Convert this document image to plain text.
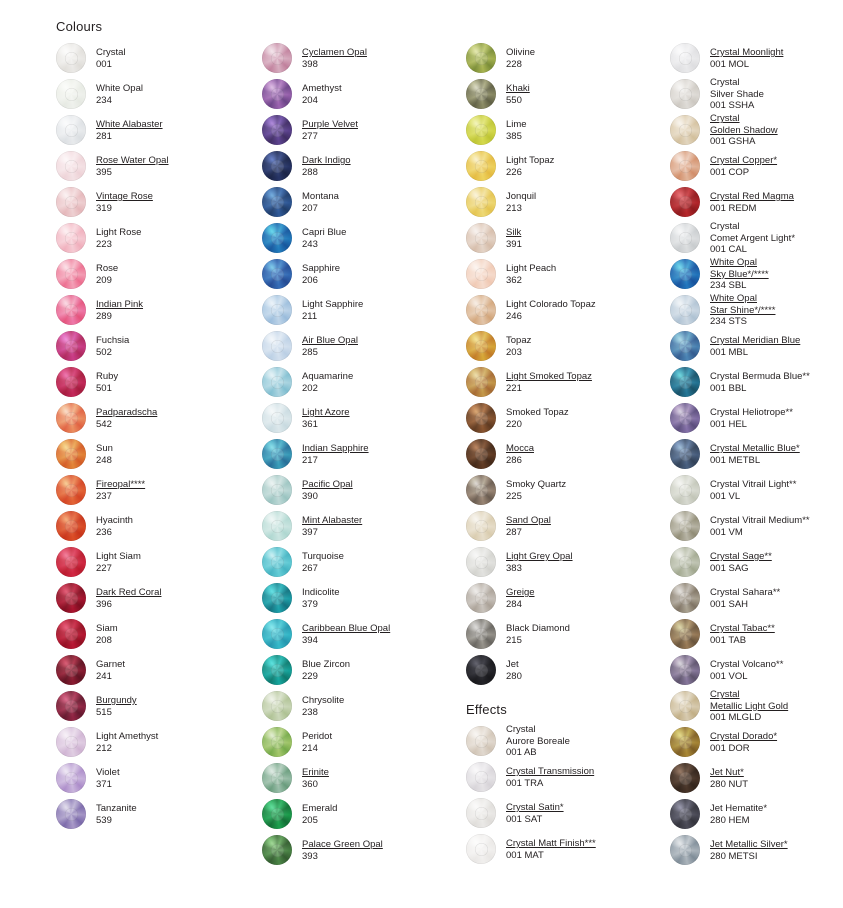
Colours
Effects
Crystal
001
White Opal
234
White Alabaster
281
Rose Water Opal
395
Vintage Rose
319
Light Rose
223
Rose
209
Indian Pink
289
Fuchsia
502
Ruby
501
Padparadscha
542
Sun
248
Fireopal****
237
Hyacinth
236
Light Siam
227
Dark Red Coral
396
Siam
208
Garnet
241
Burgundy
515
Light Amethyst
212
Violet
371
Tanzanite
539
Cyclamen Opal
398
Amethyst
204
Purple Velvet
277
Dark Indigo
288
Montana
207
Capri Blue
243
Sapphire
206
Light Sapphire
211
Air Blue Opal
285
Aquamarine
202
Light Azore
361
Indian Sapphire
217
Pacific Opal
390
Mint Alabaster
397
Turquoise
267
Indicolite
379
Caribbean Blue Opal
394
Blue Zircon
229
Chrysolite
238
Peridot
214
Erinite
360
Emerald
205
Palace Green Opal
393
Olivine
228
Khaki
550
Lime
385
Light Topaz
226
Jonquil
213
Silk
391
Light Peach
362
Light Colorado Topaz
246
Topaz
203
Light Smoked Topaz
221
Smoked Topaz
220
Mocca
286
Smoky Quartz
225
Sand Opal
287
Light Grey Opal
383
Greige
284
Black Diamond
215
Jet
280
Crystal Moonlight
001 MOL
Crystal
Silver Shade
001 SSHA
Crystal
Golden Shadow
001 GSHA
Crystal Copper*
001 COP
Crystal Red Magma
001 REDM
Crystal
Comet Argent Light*
001 CAL
White Opal
Sky Blue*/****
234 SBL
White Opal
Star Shine*/****
234 STS
Crystal Meridian Blue
001 MBL
Crystal Bermuda Blue**
001 BBL
Crystal Heliotrope**
001 HEL
Crystal Metallic Blue*
001 METBL
Crystal Vitrail Light**
001 VL
Crystal Vitrail Medium**
001 VM
Crystal Sage**
001 SAG
Crystal Sahara**
001 SAH
Crystal Tabac**
001 TAB
Crystal Volcano**
001 VOL
Crystal
Metallic Light Gold
001 MLGLD
Crystal Dorado*
001 DOR
Jet Nut*
280 NUT
Jet Hematite*
280 HEM
Jet Metallic Silver*
280 METSI
Crystal
Aurore Boreale
001 AB
Crystal Transmission
001 TRA
Crystal Satin*
001 SAT
Crystal Matt Finish***
001 MAT
